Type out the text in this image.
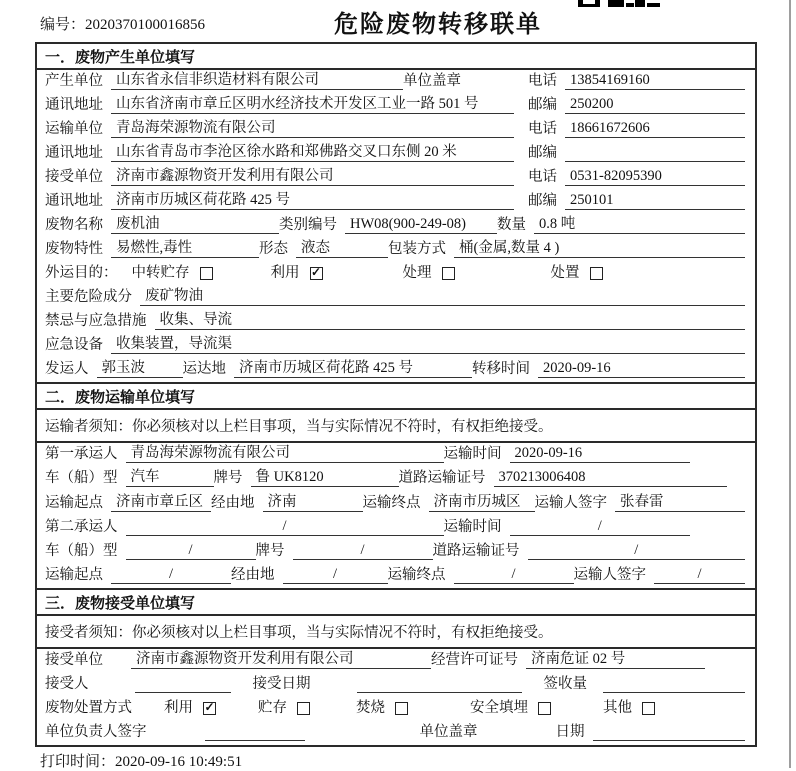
编号：2020370100016856	危险废物转移联单
一．废物产生单位填写
产生单位 山东省永信非织造材料有限公司	单位盖章	电话 13854169160
通讯地址 山东省济南市章丘区明水经济技术开发区工业一路 501 号	邮编 250200
运输单位 青岛海荣源物流有限公司	电话 18661672606
通讯地址 山东省青岛市李沧区徐水路和郑佛路交叉口东侧 20 米	邮编
接受单位 济南市鑫源物资开发利用有限公司	电话 0531-82095390
通讯地址 济南市历城区荷花路 425 号	邮编 250101
废物名称 废机油	类别编号 HW08(900-249-08)	数量 0.8 吨
废物特性 易燃性,毒性	形态 液态	包装方式 桶(金属,数量 4 )
外运目的： 中转贮存	利用 ✓	处理	处置
主要危险成分 废矿物油
禁忌与应急措施 收集、导流
应急设备 收集装置，导流渠
发运人 郭玉波	运达地 济南市历城区荷花路 425 号	转移时间 2020-09-16
二．废物运输单位填写
运输者须知：你必须核对以上栏目事项，当与实际情况不符时，有权拒绝接受。
第一承运人 青岛海荣源物流有限公司	运输时间 2020-09-16
车（船）型 汽车	牌号 鲁 UK8120	道路运输证号 370213006408
运输起点 济南市章丘区 经由地 济南	运输终点 济南市历城区 运输人签字 张春雷
第二承运人	/	运输时间	/
车（船）型	/	牌号	/	道路运输证号	/
运输起点	/	经由地	/	运输终点	/	运输人签字	/
三．废物接受单位填写
接受者须知：你必须核对以上栏目事项，当与实际情况不符时，有权拒绝接受。
接受单位	济南市鑫源物资开发利用有限公司	经营许可证号 济南危证 02 号
接受人	接受日期	签收量
废物处置方式 利用 ✓	贮存	焚烧	安全填埋	其他
单位负责人签字	单位盖章	日期
打印时间：2020-09-16 10:49:51
